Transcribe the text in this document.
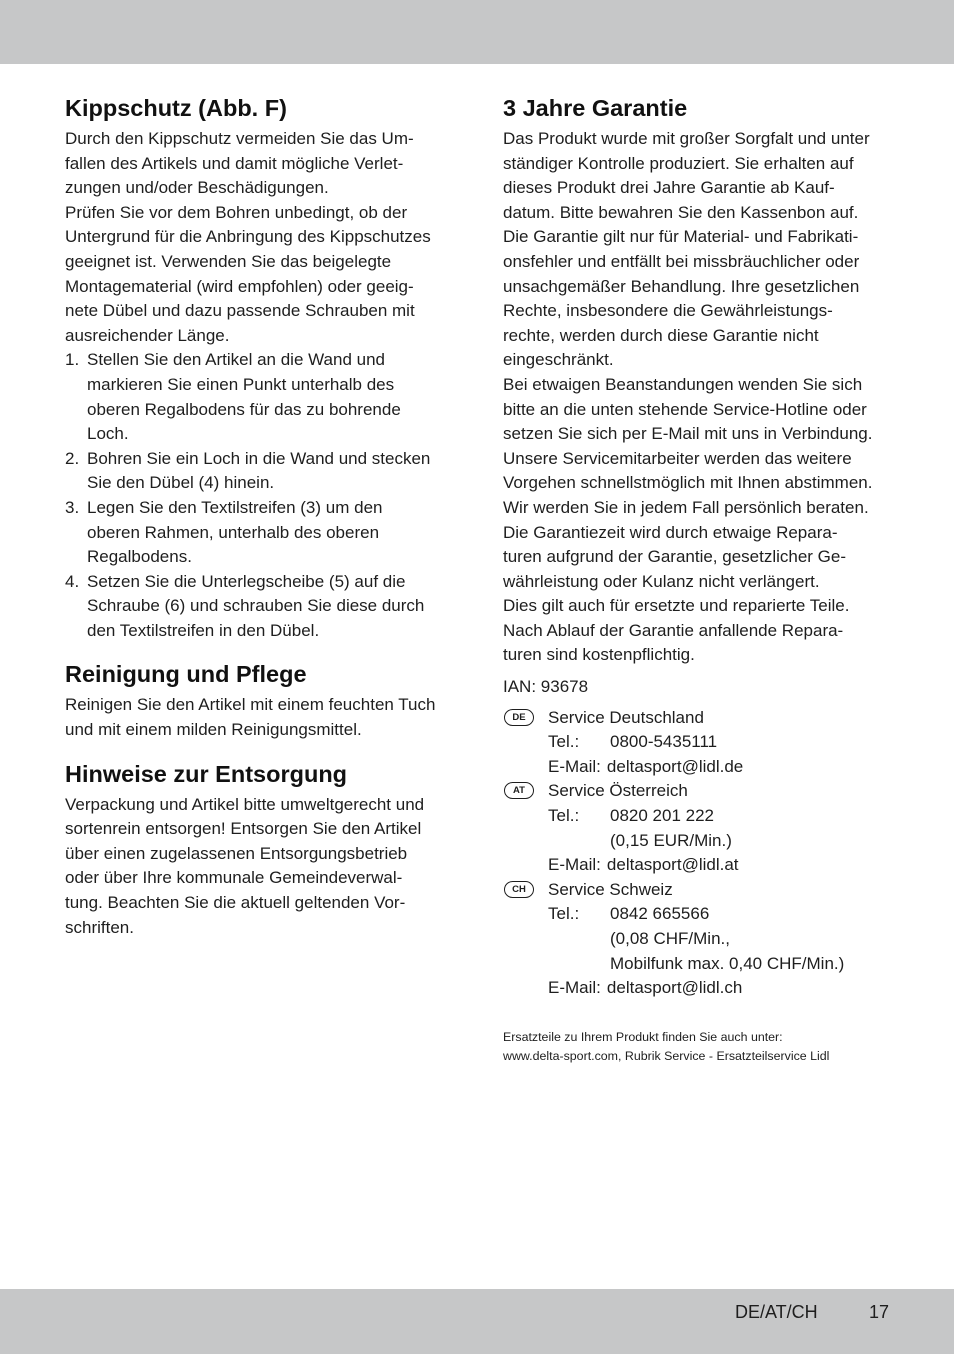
Kippschutz (Abb. F)
Durch den Kippschutz vermeiden Sie das Um-
fallen des Artikels und damit mögliche Verlet-
zungen und/oder Beschädigungen.
Prüfen Sie vor dem Bohren unbedingt, ob der
Untergrund für die Anbringung des Kippschutzes
geeignet ist. Verwenden Sie das beigelegte
Montagematerial (wird empfohlen) oder geeig-
nete Dübel und dazu passende Schrauben mit
ausreichender Länge.
1. Stellen Sie den Artikel an die Wand und
markieren Sie einen Punkt unterhalb des
oberen Regalbodens für das zu bohrende
Loch.
2. Bohren Sie ein Loch in die Wand und stecken
Sie den Dübel (4) hinein.
3. Legen Sie den Textilstreifen (3) um den
oberen Rahmen, unterhalb des oberen
Regalbodens.
4. Setzen Sie die Unterlegscheibe (5) auf die
Schraube (6) und schrauben Sie diese durch
den Textilstreifen in den Dübel.
Reinigung und Pflege
Reinigen Sie den Artikel mit einem feuchten Tuch
und mit einem milden Reinigungsmittel.
Hinweise zur Entsorgung
Verpackung und Artikel bitte umweltgerecht und
sortenrein entsorgen! Entsorgen Sie den Artikel
über einen zugelassenen Entsorgungsbetrieb
oder über Ihre kommunale Gemeindeverwal-
tung. Beachten Sie die aktuell geltenden Vor-
schriften.
3 Jahre Garantie
Das Produkt wurde mit großer Sorgfalt und unter
ständiger Kontrolle produziert. Sie erhalten auf
dieses Produkt drei Jahre Garantie ab Kauf-
datum. Bitte bewahren Sie den Kassenbon auf.
Die Garantie gilt nur für Material- und Fabrikati-
onsfehler und entfällt bei missbräuchlicher oder
unsachgemäßer Behandlung. Ihre gesetzlichen
Rechte, insbesondere die Gewährleistungs-
rechte, werden durch diese Garantie nicht
eingeschränkt.
Bei etwaigen Beanstandungen wenden Sie sich
bitte an die unten stehende Service-Hotline oder
setzen Sie sich per E-Mail mit uns in Verbindung.
Unsere Servicemitarbeiter werden das weitere
Vorgehen schnellstmöglich mit Ihnen abstimmen.
Wir werden Sie in jedem Fall persönlich beraten.
Die Garantiezeit wird durch etwaige Repara-
turen aufgrund der Garantie, gesetzlicher Ge-
währleistung oder Kulanz nicht verlängert.
Dies gilt auch für ersetzte und reparierte Teile.
Nach Ablauf der Garantie anfallende Repara-
turen sind kostenpflichtig.
IAN: 93678
DE	Service Deutschland
Tel.:	0800-5435111
E-Mail: deltasport@lidl.de
AT	Service Österreich
Tel.:	0820 201 222
(0,15 EUR/Min.)
E-Mail: deltasport@lidl.at
CH	Service Schweiz
Tel.:	0842 665566
(0,08 CHF/Min.,
Mobilfunk max. 0,40 CHF/Min.)
E-Mail: deltasport@lidl.ch
Ersatzteile zu Ihrem Produkt finden Sie auch unter:
www.delta-sport.com, Rubrik Service - Ersatzteilservice Lidl
DE/AT/CH	17
